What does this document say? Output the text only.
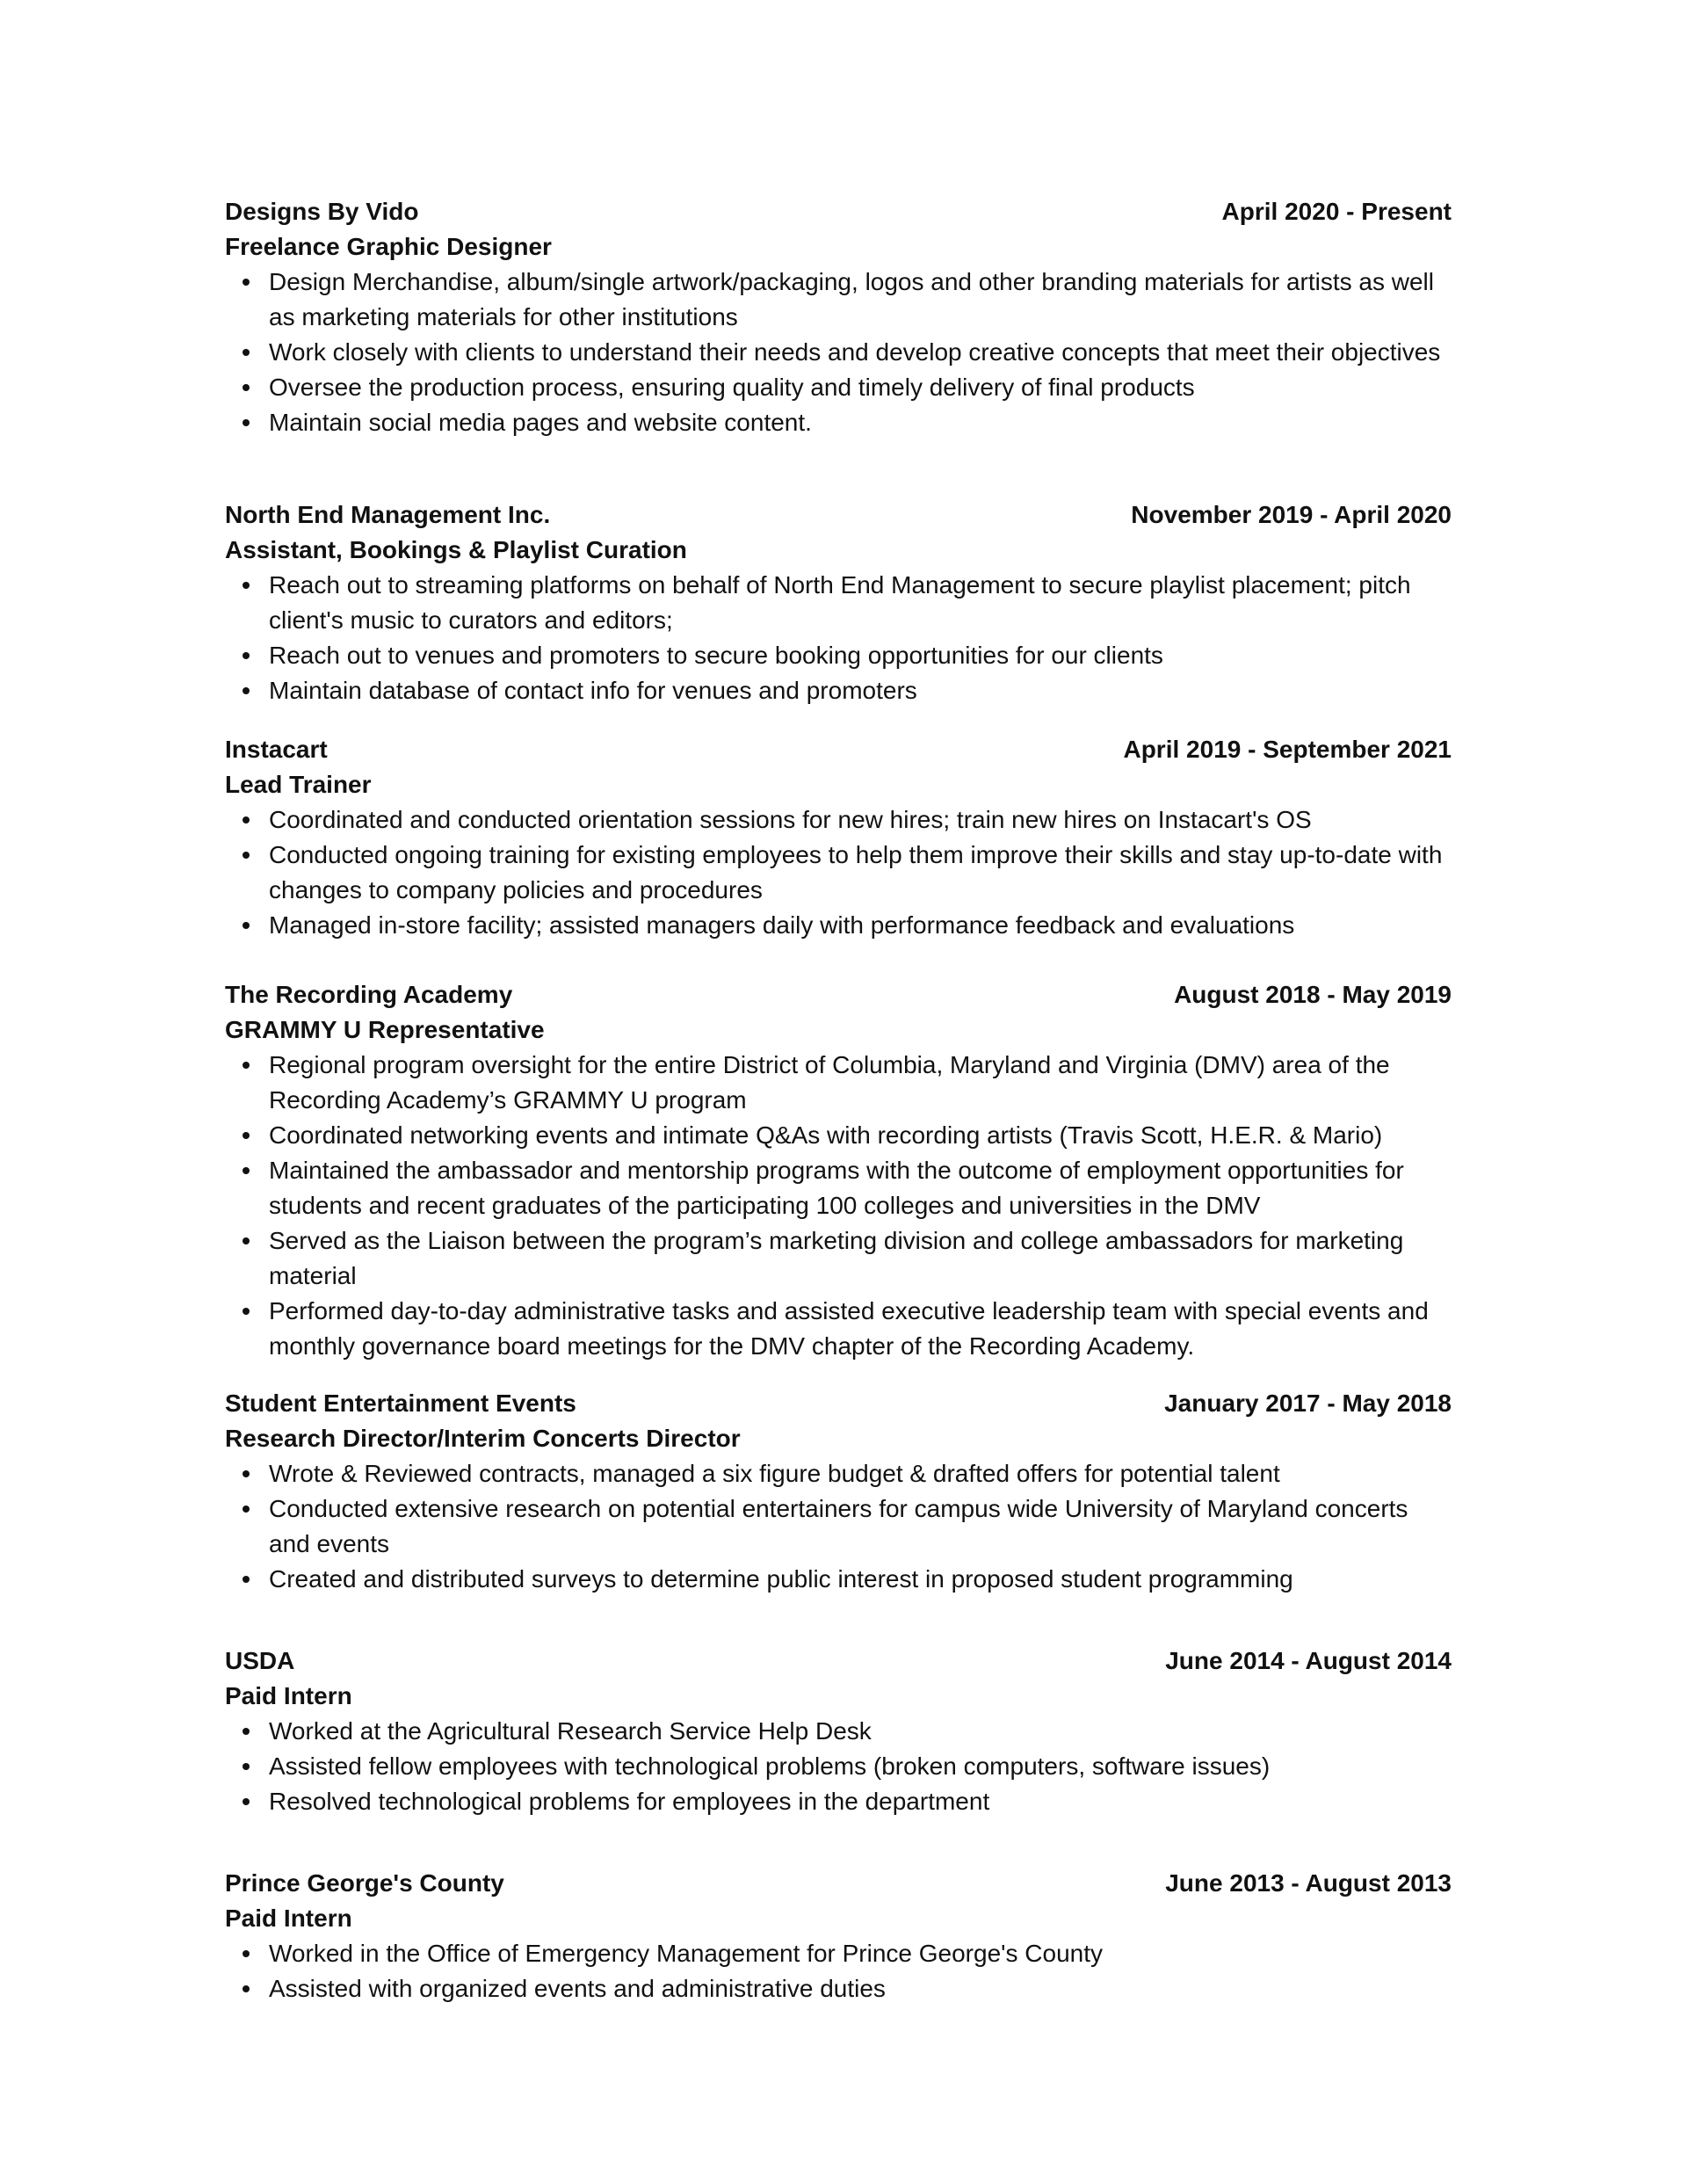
Designs By Vido	April 2020 - Present
Freelance Graphic Designer
Design Merchandise, album/single artwork/packaging, logos and other branding materials for artists as well as marketing materials for other institutions
Work closely with clients to understand their needs and develop creative concepts that meet their objectives
Oversee the production process, ensuring quality and timely delivery of final products
Maintain social media pages and website content.
North End Management Inc.	November 2019 - April 2020
Assistant, Bookings & Playlist Curation
Reach out to streaming platforms on behalf of North End Management to secure playlist placement; pitch client's music to curators and editors;
Reach out to venues and promoters to secure booking opportunities for our clients
Maintain database of contact info for venues and promoters
Instacart	April 2019 - September 2021
Lead Trainer
Coordinated and conducted orientation sessions for new hires; train new hires on Instacart's OS
Conducted ongoing training for existing employees to help them improve their skills and stay up-to-date with changes to company policies and procedures
Managed in-store facility; assisted managers daily with performance feedback and evaluations
The Recording Academy	August 2018 - May 2019
GRAMMY U Representative
Regional program oversight for the entire District of Columbia, Maryland and Virginia (DMV) area of the Recording Academy’s GRAMMY U program
Coordinated networking events and intimate Q&As with recording artists (Travis Scott, H.E.R. & Mario)
Maintained the ambassador and mentorship programs with the outcome of employment opportunities for students and recent graduates of the participating 100 colleges and universities in the DMV
Served as the Liaison between the program’s marketing division and college ambassadors for marketing material
Performed day-to-day administrative tasks and assisted executive leadership team with special events and monthly governance board meetings for the DMV chapter of the Recording Academy.
Student Entertainment Events	January 2017 - May 2018
Research Director/Interim Concerts Director
Wrote & Reviewed contracts, managed a six figure budget & drafted offers for potential talent
Conducted extensive research on potential entertainers for campus wide University of Maryland concerts and events
Created and distributed surveys to determine public interest in proposed student programming
USDA	June 2014 - August 2014
Paid Intern
Worked at the Agricultural Research Service Help Desk
Assisted fellow employees with technological problems (broken computers, software issues)
Resolved technological problems for employees in the department
Prince George's County	June 2013 - August 2013
Paid Intern
Worked in the Office of Emergency Management for Prince George's County
Assisted with organized events and administrative duties
